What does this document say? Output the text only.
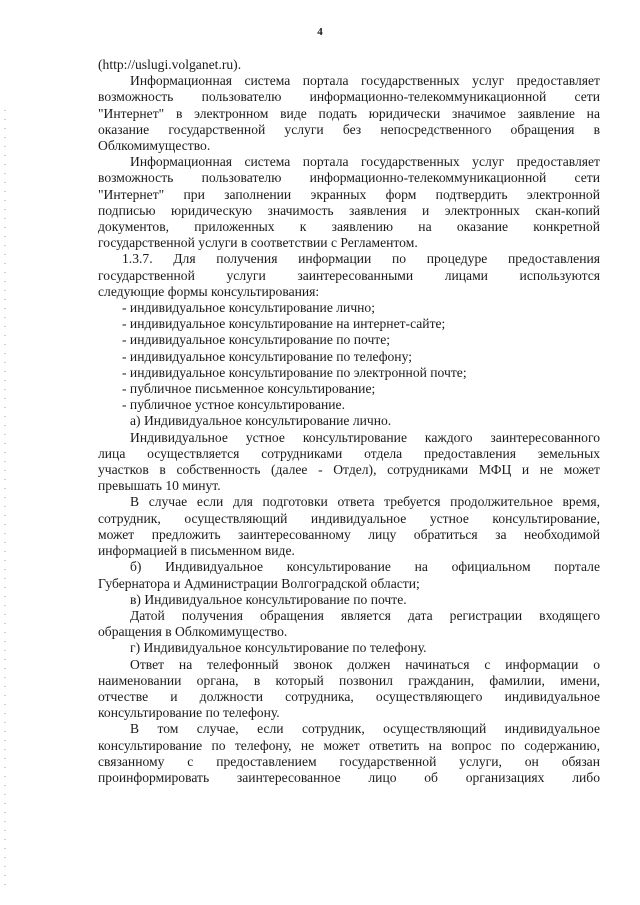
4

(http://uslugi.volganet.ru).

Информационная система портала государственных услуг предоставляет

возможность пользователю информационно-телекоммуникационной сети

"Интернет" в электронном виде подать юридически значимое заявление на

оказание государственной услуги без непосредственного обращения в

Облкомимущество.

Информационная система портала государственных услуг предоставляет

возможность пользователю информационно-телекоммуникационной сети

"Интернет" при заполнении экранных форм подтвердить электронной

подписью юридическую значимость заявления и электронных скан-копий

документов, приложенных к заявлению на оказание конкретной

государственной услуги в соответствии с Регламентом.

1.3.7. Для получения информации по процедуре предоставления

государственной услуги заинтересованными лицами используются

следующие формы консультирования:

- индивидуальное консультирование лично;

- индивидуальное консультирование на интернет-сайте;

- индивидуальное консультирование по почте;

- индивидуальное консультирование по телефону;

- индивидуальное консультирование по электронной почте;

- публичное письменное консультирование;

- публичное устное консультирование.

а) Индивидуальное консультирование лично.

Индивидуальное устное консультирование каждого заинтересованного

лица осуществляется сотрудниками отдела предоставления земельных

участков в собственность (далее - Отдел), сотрудниками МФЦ и не может

превышать 10 минут.

В случае если для подготовки ответа требуется продолжительное время,

сотрудник, осуществляющий индивидуальное устное консультирование,

может предложить заинтересованному лицу обратиться за необходимой

информацией в письменном виде.

б) Индивидуальное консультирование на официальном портале

Губернатора и Администрации Волгоградской области;

в) Индивидуальное консультирование по почте.

Датой получения обращения является дата регистрации входящего

обращения в Облкомимущество.

г) Индивидуальное консультирование по телефону.

Ответ на телефонный звонок должен начинаться с информации о

наименовании органа, в который позвонил гражданин, фамилии, имени,

отчестве и должности сотрудника, осуществляющего индивидуальное

консультирование по телефону.

В том случае, если сотрудник, осуществляющий индивидуальное

консультирование по телефону, не может ответить на вопрос по содержанию,

связанному с предоставлением государственной услуги, он обязан

проинформировать заинтересованное лицо об организациях либо
